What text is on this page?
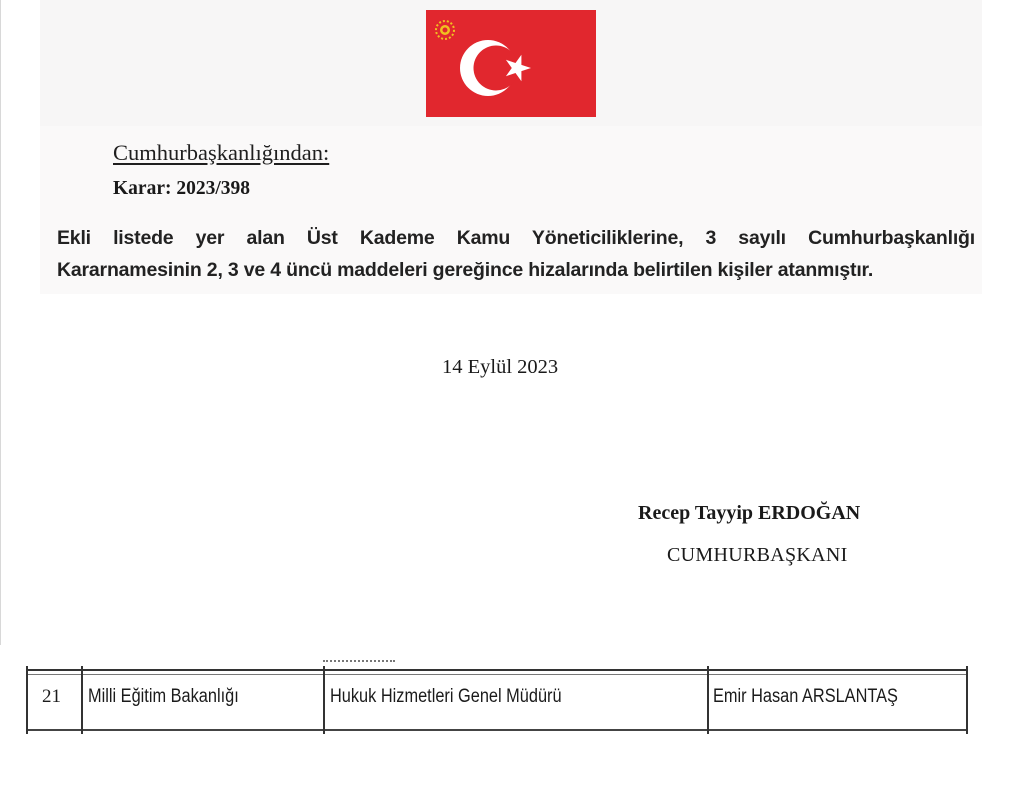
Cumhurbaşkanlığından:
Karar: 2023/398
Ekli listede yer alan Üst Kademe Kamu Yöneticiliklerine, 3 sayılı Cumhurbaşkanlığı
Kararnamesinin 2, 3 ve 4 üncü maddeleri gereğince hizalarında belirtilen kişiler atanmıştır.
14 Eylül 2023
Recep Tayyip ERDOĞAN
CUMHURBAŞKANI
21 Milli Eğitim Bakanlığı	Hukuk Hizmetleri Genel Müdürü	Emir Hasan ARSLANTAŞ
